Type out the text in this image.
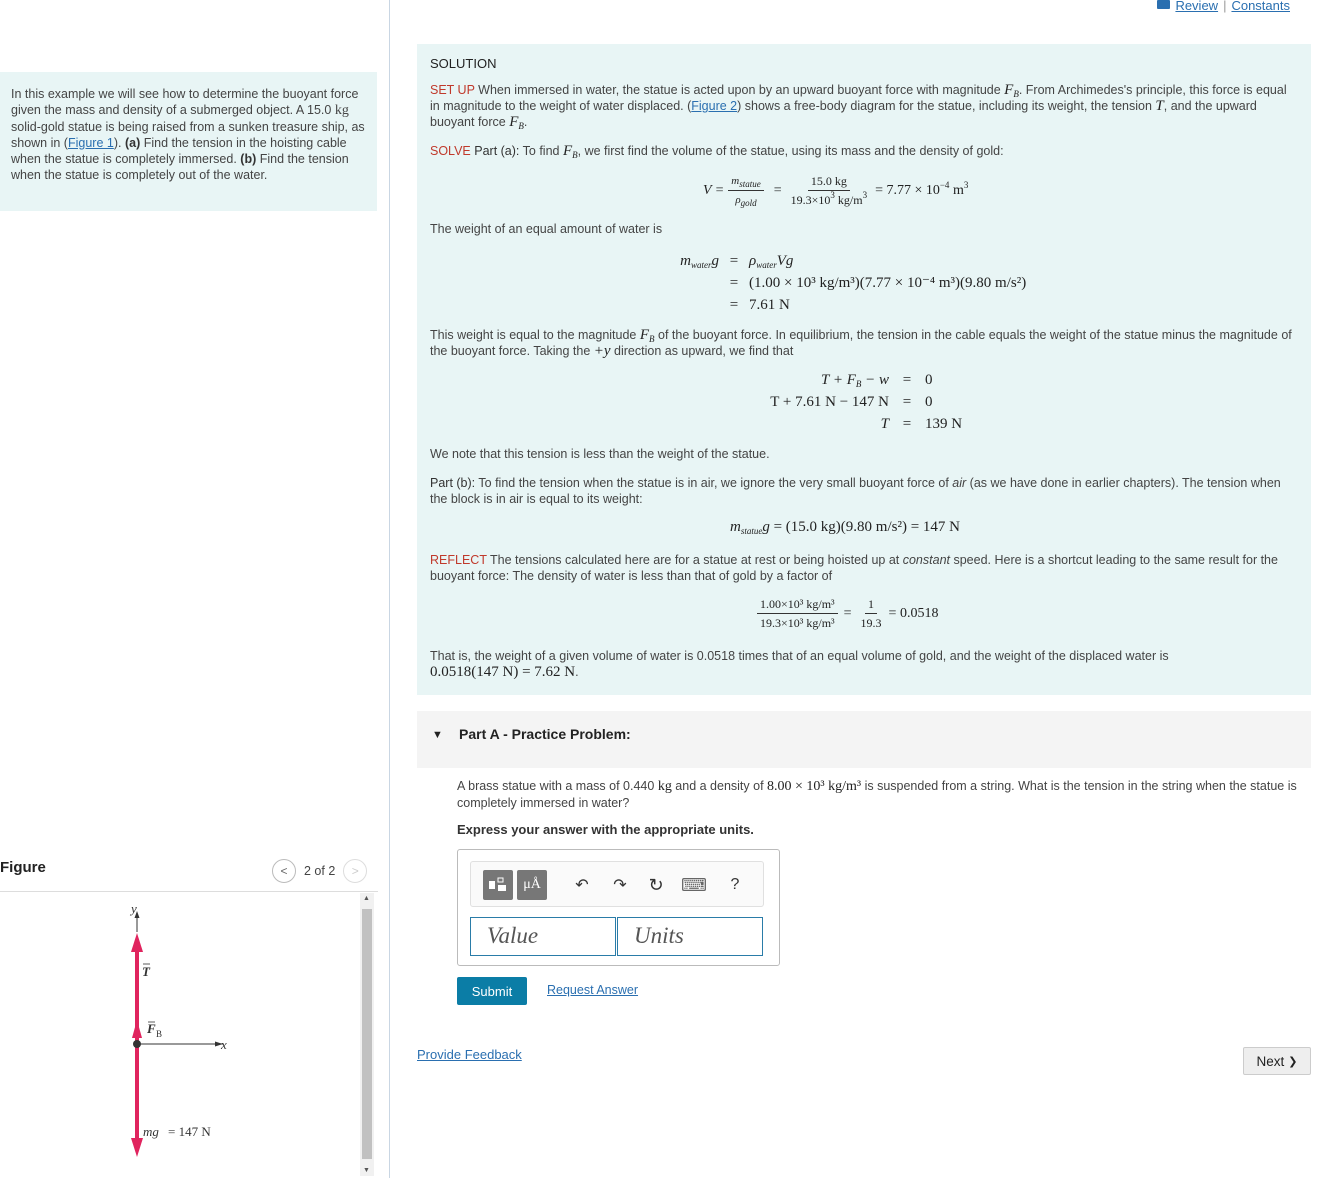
Review | Constants
In this example we will see how to determine the buoyant force given the mass and density of a submerged object. A 15.0 kg solid-gold statue is being raised from a sunken treasure ship, as shown in (Figure 1). (a) Find the tension in the hoisting cable when the statue is completely immersed. (b) Find the tension when the statue is completely out of the water.
Figure	<	2 of 2	>
y
x
T
F B
mg = 147 N
▲
▼
SOLUTION
SET UP When immersed in water, the statue is acted upon by an upward buoyant force with magnitude $F_B$. From Archimedes's principle, this force is equal in magnitude to the weight of water displaced. (Figure 2) shows a free-body diagram for the statue, including its weight, the tension T, and the upward buoyant force $F_B$.
SOLVE Part (a): To find $F_B$, we first find the volume of the statue, using its mass and the density of gold:
$V = \frac{m_{statue}}{\rho_{gold}} = \frac{15.0 kg}{19.3\times 10^3 kg/m^3} = 7.77 \times 10^{-4}$ $m^3$
The weight of an equal amount of water is
$m_{water}g = \rho_{water}Vg$
= (1.00 × 10³ kg/m³)(7.77 × 10⁻⁴ m³)(9.80 m/s²)
= 7.61 N
This weight is equal to the magnitude $F_B$ of the buoyant force. In equilibrium, the tension in the cable equals the weight of the statue minus the magnitude of the buoyant force. Taking the +y direction as upward, we find that
$T + F_B - w = 0$
T + 7.61 N − 147 N = 0
T = 139 N
We note that this tension is less than the weight of the statue.
Part (b): To find the tension when the statue is in air, we ignore the very small buoyant force of air (as we have done in earlier chapters). The tension when the block is in air is equal to its weight:
$m_{statue}g = (15.0$ kg)(9.80 m/s²) = 147 N
REFLECT The tensions calculated here are for a statue at rest or being hoisted up at constant speed. Here is a shortcut leading to the same result for the buoyant force: The density of water is less than that of gold by a factor of
$\frac{\text{1.00×10³ kg/m³}}{\text{19.3×10³ kg/m³}} = \frac{1}{19.3} = 0.0518$
That is, the weight of a given volume of water is 0.0518 times that of an equal volume of gold, and the weight of the displaced water is
0.0518(147 N) = 7.62 N.
▼ Part A - Practice Problem:
A brass statue with a mass of 0.440 kg and a density of 8.00 × 10³ kg/m³ is suspended from a string. What is the tension in the string when the statue is completely immersed in water?
Express your answer with the appropriate units.
μÅ	↶ ↷ ↻ ⌨	?
Value	Units
Submit	Request Answer
Provide Feedback	Next ❯
